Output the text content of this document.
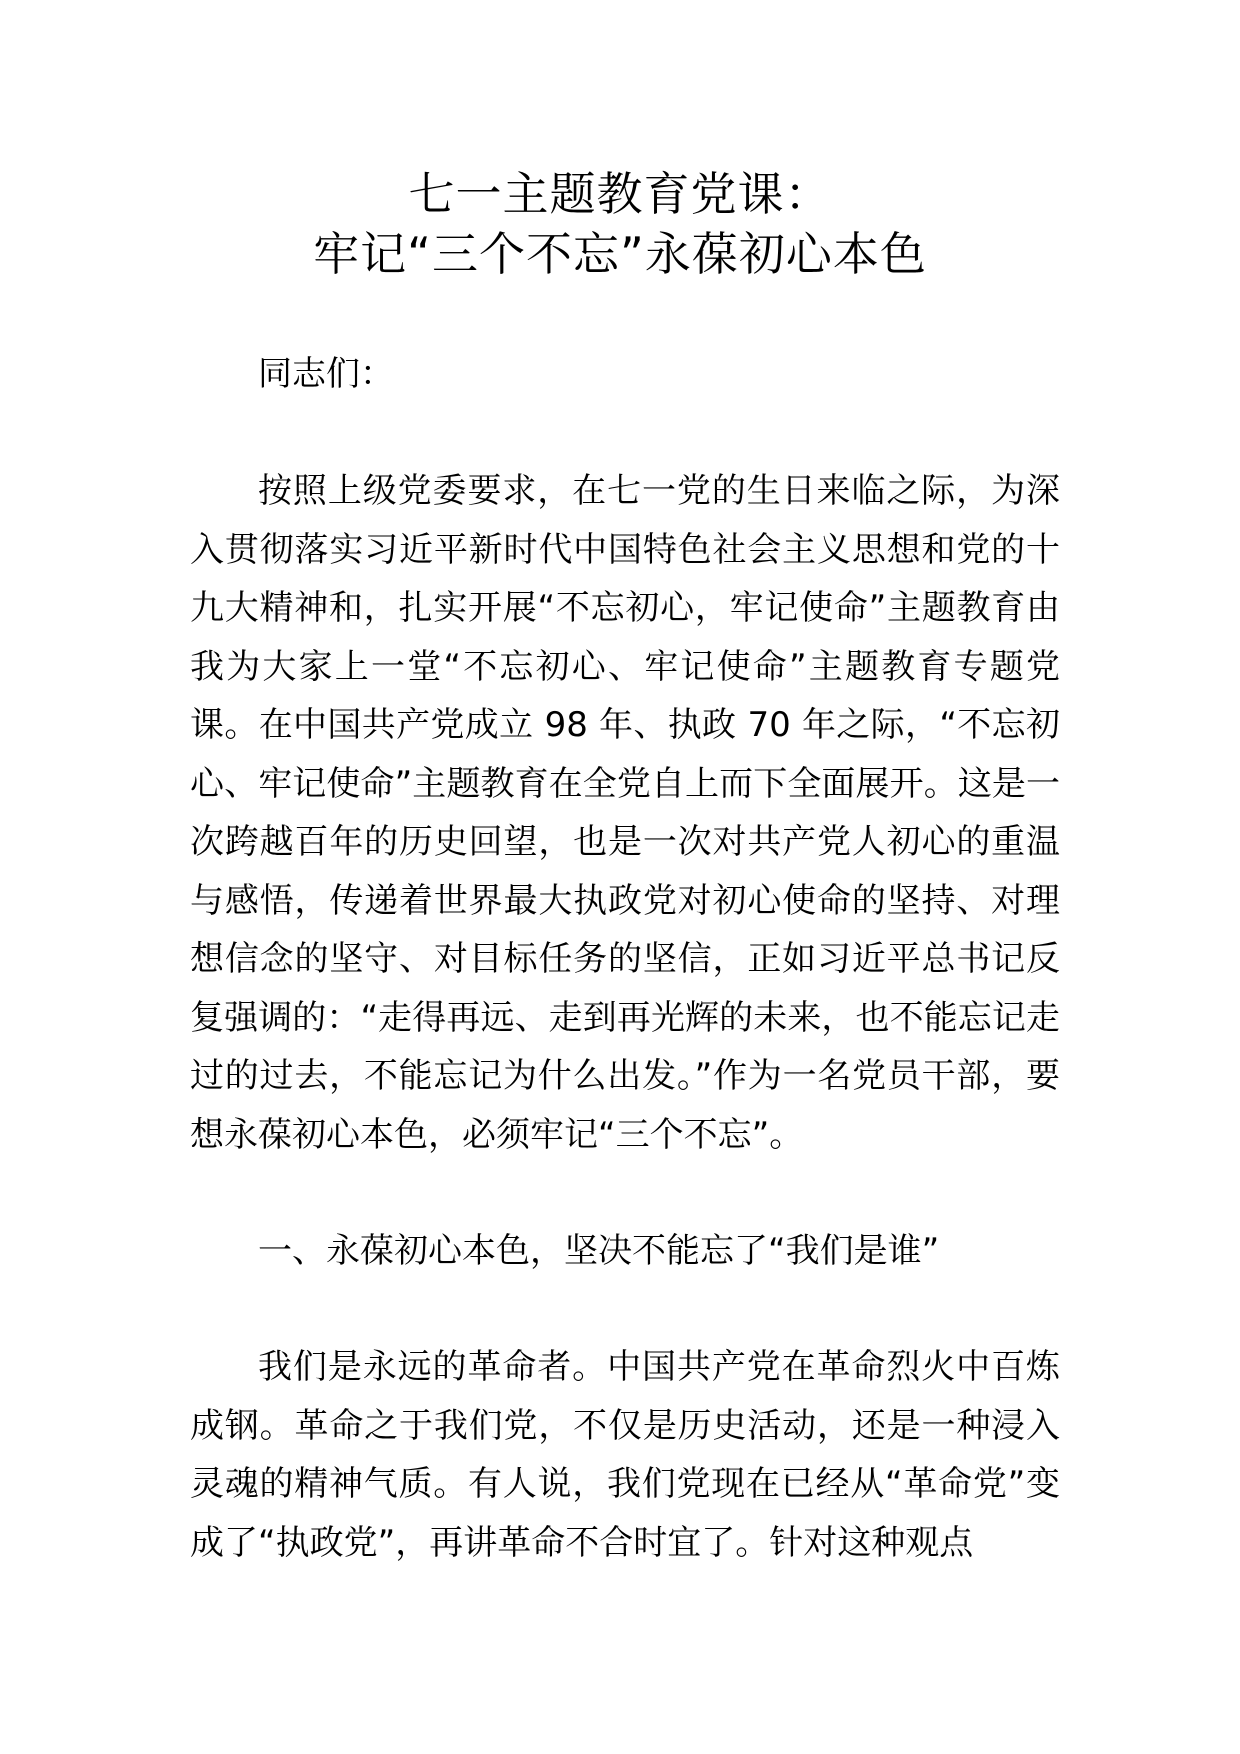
七一主题教育党课：
牢记“三个不忘”永葆初心本色

同志们：

按照上级党委要求，在七一党的生日来临之际，为深入贯彻落实习近平新时代中国特色社会主义思想和党的十九大精神和，扎实开展“不忘初心，牢记使命”主题教育由我为大家上一堂“不忘初心、牢记使命”主题教育专题党课。在中国共产党成立 98 年、执政 70 年之际，“不忘初心、牢记使命”主题教育在全党自上而下全面展开。这是一次跨越百年的历史回望，也是一次对共产党人初心的重温与感悟，传递着世界最大执政党对初心使命的坚持、对理想信念的坚守、对目标任务的坚信，正如习近平总书记反复强调的：“走得再远、走到再光辉的未来，也不能忘记走过的过去，不能忘记为什么出发。”作为一名党员干部，要想永葆初心本色，必须牢记“三个不忘”。

一、永葆初心本色，坚决不能忘了“我们是谁”

我们是永远的革命者。中国共产党在革命烈火中百炼成钢。革命之于我们党，不仅是历史活动，还是一种浸入灵魂的精神气质。有人说，我们党现在已经从“革命党”变成了“执政党”，再讲革命不合时宜了。针对这种观点
